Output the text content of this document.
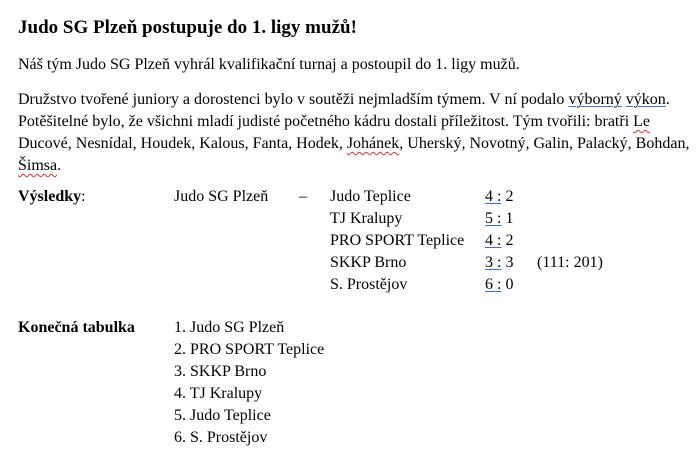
Judo SG Plzeň postupuje do 1. ligy mužů!

Náš tým Judo SG Plzeň vyhrál kvalifikační turnaj a postoupil do 1. ligy mužů.

Družstvo tvořené juniory a dorostenci bylo v soutěži nejmladším týmem. V ní podalo výborný výkon. Potěšitelné bylo, že všichni mladí judisté početného kádru dostali příležitost. Tým tvořili: bratři Le Ducové, Nesnídal, Houdek, Kalous, Fanta, Hodek, Johánek, Uherský, Novotný, Galin, Palacký, Bohdan, Šimsa.

Výsledky:	Judo SG Plzeň – Judo Teplice	4 : 2
TJ Kralupy	5 : 1
PRO SPORT Teplice 4 : 2
SKKP Brno	3 : 3 (111: 201)
S. Prostějov	6 : 0
Konečná tabulka 1. Judo SG Plzeň
2. PRO SPORT Teplice
3. SKKP Brno
4. TJ Kralupy
5. Judo Teplice
6. S. Prostějov
